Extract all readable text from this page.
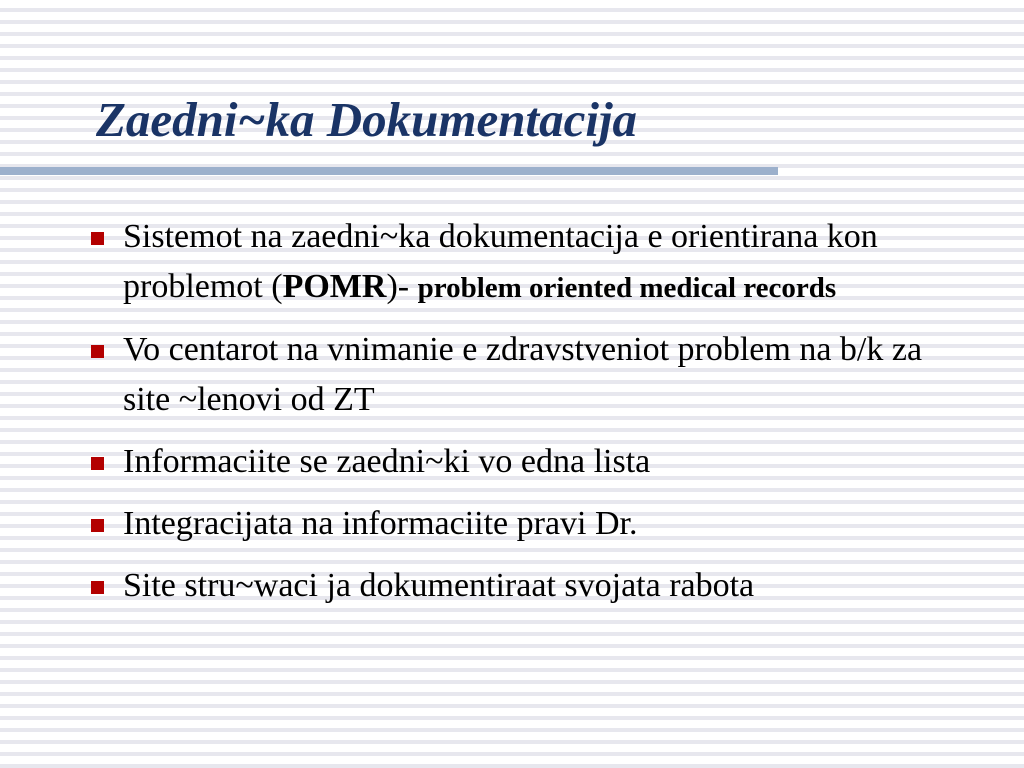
Zaedni~ka Dokumentacija
Sistemot na zaedni~ka dokumentacija e orientirana kon problemot (POMR)- problem oriented medical records
Vo centarot na vnimanie e zdravstveniot problem na b/k za site ~lenovi od ZT
Informaciite se zaedni~ki vo edna lista
Integracijata na informaciite pravi Dr.
Site stru~waci ja dokumentiraat svojata rabota
